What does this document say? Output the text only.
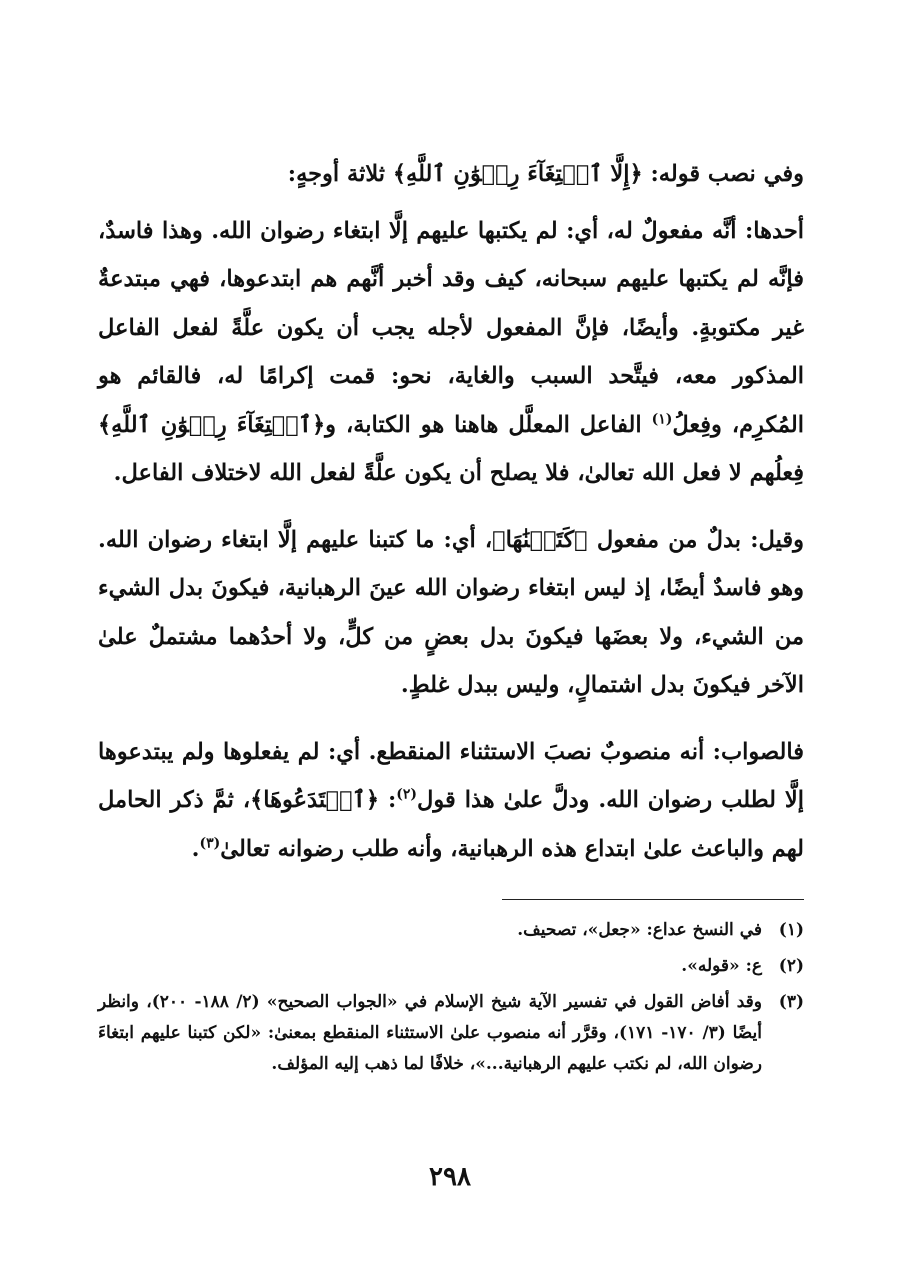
وفي نصب قوله: ﴿إِلَّا ٱبۡتِغَآءَ رِضۡوَٰنِ ٱللَّهِ﴾ ثلاثة أوجهٍ:

أحدها: أنَّه مفعولٌ له، أي: لم يكتبها عليهم إلَّا ابتغاء رضوان الله. وهذا فاسدٌ، فإنَّه لم يكتبها عليهم سبحانه، كيف وقد أخبر أنَّهم هم ابتدعوها، فهي مبتدعةٌ غير مكتوبةٍ. وأيضًا، فإنَّ المفعول لأجله يجب أن يكون علَّةً لفعل الفاعل المذكور معه، فيتَّحد السبب والغاية، نحو: قمت إكرامًا له، فالقائم هو المُكرِم، وفِعلُ$^{(١)}$ الفاعل المعلَّل هاهنا هو الكتابة، و﴿ٱبۡتِغَآءَ رِضۡوَٰنِ ٱللَّهِ﴾ فِعلُهم لا فعل الله تعالىٰ، فلا يصلح أن يكون علَّةً لفعل الله لاختلاف الفاعل.

وقيل: بدلٌ من مفعول ﴿كَتَبۡنَٰهَا﴾، أي: ما كتبنا عليهم إلَّا ابتغاء رضوان الله. وهو فاسدٌ أيضًا، إذ ليس ابتغاء رضوان الله عينَ الرهبانية، فيكونَ بدل الشيء من الشيء، ولا بعضَها فيكونَ بدل بعضٍ من كلٍّ، ولا أحدُهما مشتملٌ علىٰ الآخر فيكونَ بدل اشتمالٍ، وليس ببدل غلطٍ.

فالصواب: أنه منصوبٌ نصبَ الاستثناء المنقطع. أي: لم يفعلوها ولم يبتدعوها إلَّا لطلب رضوان الله. ودلَّ علىٰ هذا قول$^{(٢)}$: ﴿ٱبۡتَدَعُوهَا﴾، ثمَّ ذكر الحامل لهم والباعث علىٰ ابتداع هذه الرهبانية، وأنه طلب رضوانه تعالىٰ$^{(٣)}$.

(١)
في النسخ عداع: «جعل»، تصحيف.
(٢)
ع: «قوله».
(٣)
وقد أفاض القول في تفسير الآية شيخ الإسلام في «الجواب الصحيح» (٢/ ١٨٨- ٢٠٠)، وانظر أيضًا (٣/ ١٧٠- ١٧١)، وقرَّر أنه منصوب علىٰ الاستثناء المنقطع بمعنىٰ: «لكن كتبنا عليهم ابتغاءَ رضوان الله، لم نكتب عليهم الرهبانية...»، خلافًا لما ذهب إليه المؤلف.
٢٩٨
